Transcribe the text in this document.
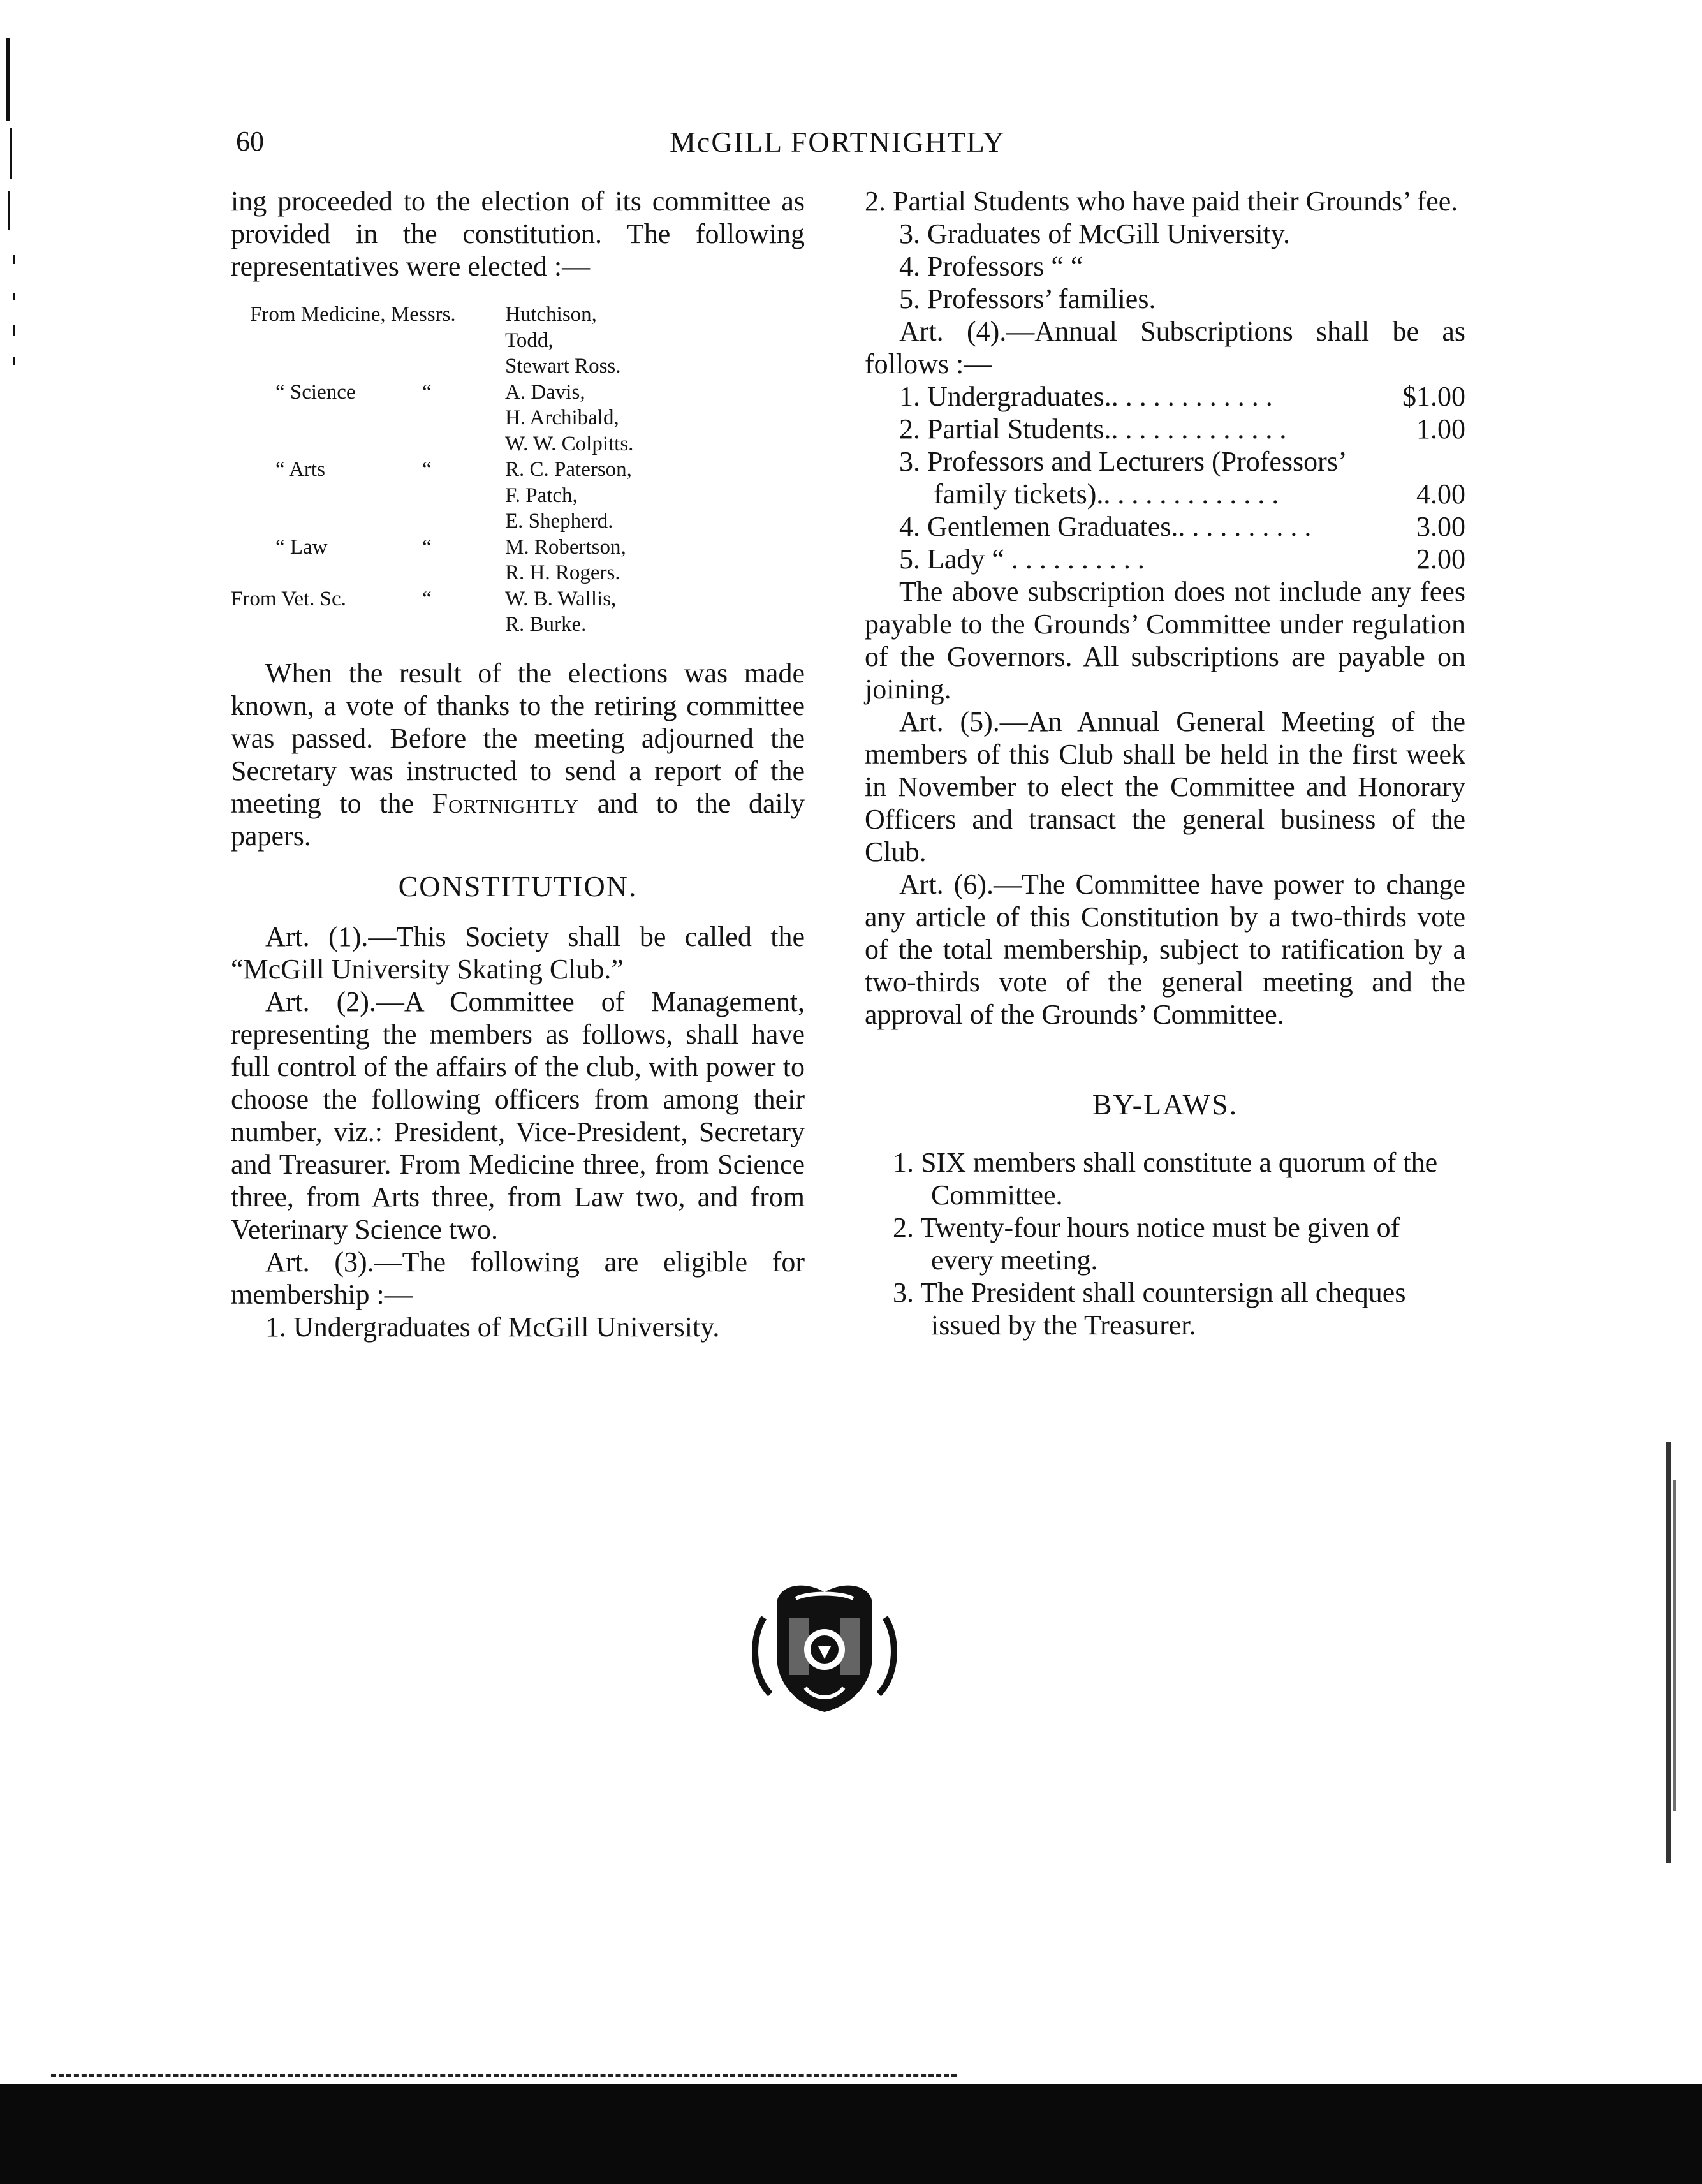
60	McGILL FORTNIGHTLY

ing proceeded to the election of its committee as provided in the constitution. The following representatives were elected :—

From Medicine, Messrs.	Hutchison,
Todd,
Stewart Ross.
“ Science	“	A. Davis,
H. Archibald,
W. W. Colpitts.
“ Arts	“	R. C. Paterson,
F. Patch,
E. Shepherd.
“ Law	“	M. Robertson,
R. H. Rogers.
From Vet. Sc.	“	W. B. Wallis,
R. Burke.

When the result of the elections was made known, a vote of thanks to the retiring committee was passed. Before the meeting adjourned the Secretary was instructed to send a report of the meeting to the Fortnightly and to the daily papers.

CONSTITUTION.

Art. (1).—This Society shall be called the “McGill University Skating Club.”

Art. (2).—A Committee of Management, representing the members as follows, shall have full control of the affairs of the club, with power to choose the following officers from among their number, viz.: President, Vice-President, Secretary and Treasurer. From Medicine three, from Science three, from Arts three, from Law two, and from Veterinary Science two.

Art. (3).—The following are eligible for membership :—

1. Undergraduates of McGill University.

2. Partial Students who have paid their Grounds’ fee.

3. Graduates of McGill University.

4. Professors “ “

5. Professors’ families.

Art. (4).—Annual Subscriptions shall be as follows :—

1. Undergraduates.. . . . . . . . . . . .	$1.00
2. Partial Students.. . . . . . . . . . . . .	1.00
3. Professors and Lecturers (Professors’
family tickets).. . . . . . . . . . . . .	4.00
4. Gentlemen Graduates.. . . . . . . . . .	3.00
5. Lady “ . . . . . . . . . .	2.00

The above subscription does not include any fees payable to the Grounds’ Committee under regulation of the Governors. All subscriptions are payable on joining.

Art. (5).—An Annual General Meeting of the members of this Club shall be held in the first week in November to elect the Committee and Honorary Officers and transact the general business of the Club.

Art. (6).—The Committee have power to change any article of this Constitution by a two-thirds vote of the total membership, subject to ratification by a two-thirds vote of the general meeting and the approval of the Grounds’ Committee.

BY-LAWS.

1. SIX members shall constitute a quorum of the Committee.

2. Twenty-four hours notice must be given of every meeting.

3. The President shall countersign all cheques issued by the Treasurer.
